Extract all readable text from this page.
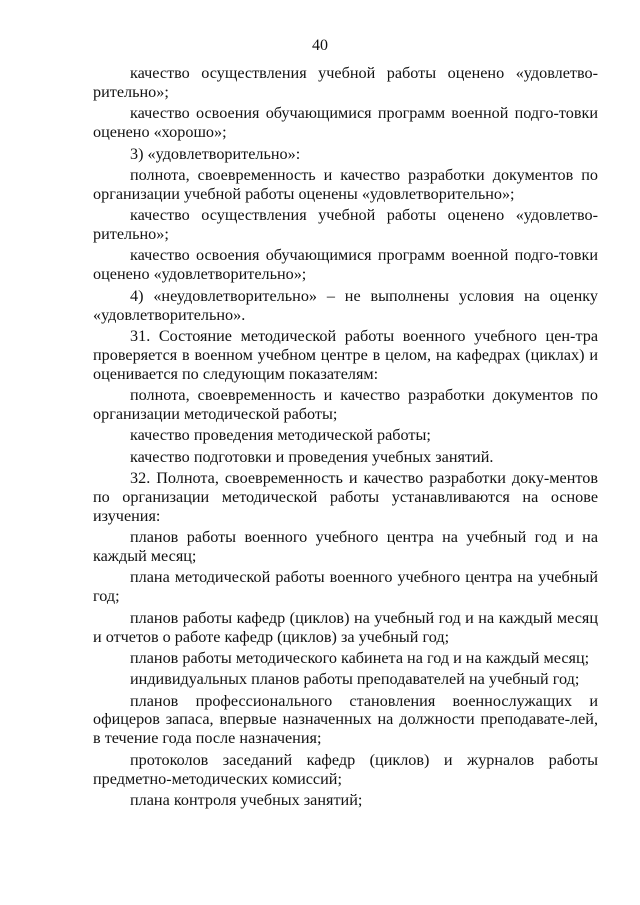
40

качество осуществления учебной работы оценено «удовлетво-рительно»;

качество освоения обучающимися программ военной подго-товки оценено «хорошо»;

3) «удовлетворительно»:

полнота, своевременность и качество разработки документов по организации учебной работы оценены «удовлетворительно»;

качество осуществления учебной работы оценено «удовлетво-рительно»;

качество освоения обучающимися программ военной подго-товки оценено «удовлетворительно»;

4) «неудовлетворительно» – не выполнены условия на оценку «удовлетворительно».

31. Состояние методической работы военного учебного цен-тра проверяется в военном учебном центре в целом, на кафедрах (циклах) и оценивается по следующим показателям:

полнота, своевременность и качество разработки документов по организации методической работы;

качество проведения методической работы;

качество подготовки и проведения учебных занятий.

32. Полнота, своевременность и качество разработки доку-ментов по организации методической работы устанавливаются на основе изучения:

планов работы военного учебного центра на учебный год и на каждый месяц;

плана методической работы военного учебного центра на учебный год;

планов работы кафедр (циклов) на учебный год и на каждый месяц и отчетов о работе кафедр (циклов) за учебный год;

планов работы методического кабинета на год и на каждый месяц;

индивидуальных планов работы преподавателей на учебный год;

планов профессионального становления военнослужащих и офицеров запаса, впервые назначенных на должности преподавате-лей, в течение года после назначения;

протоколов заседаний кафедр (циклов) и журналов работы предметно-методических комиссий;

плана контроля учебных занятий;
